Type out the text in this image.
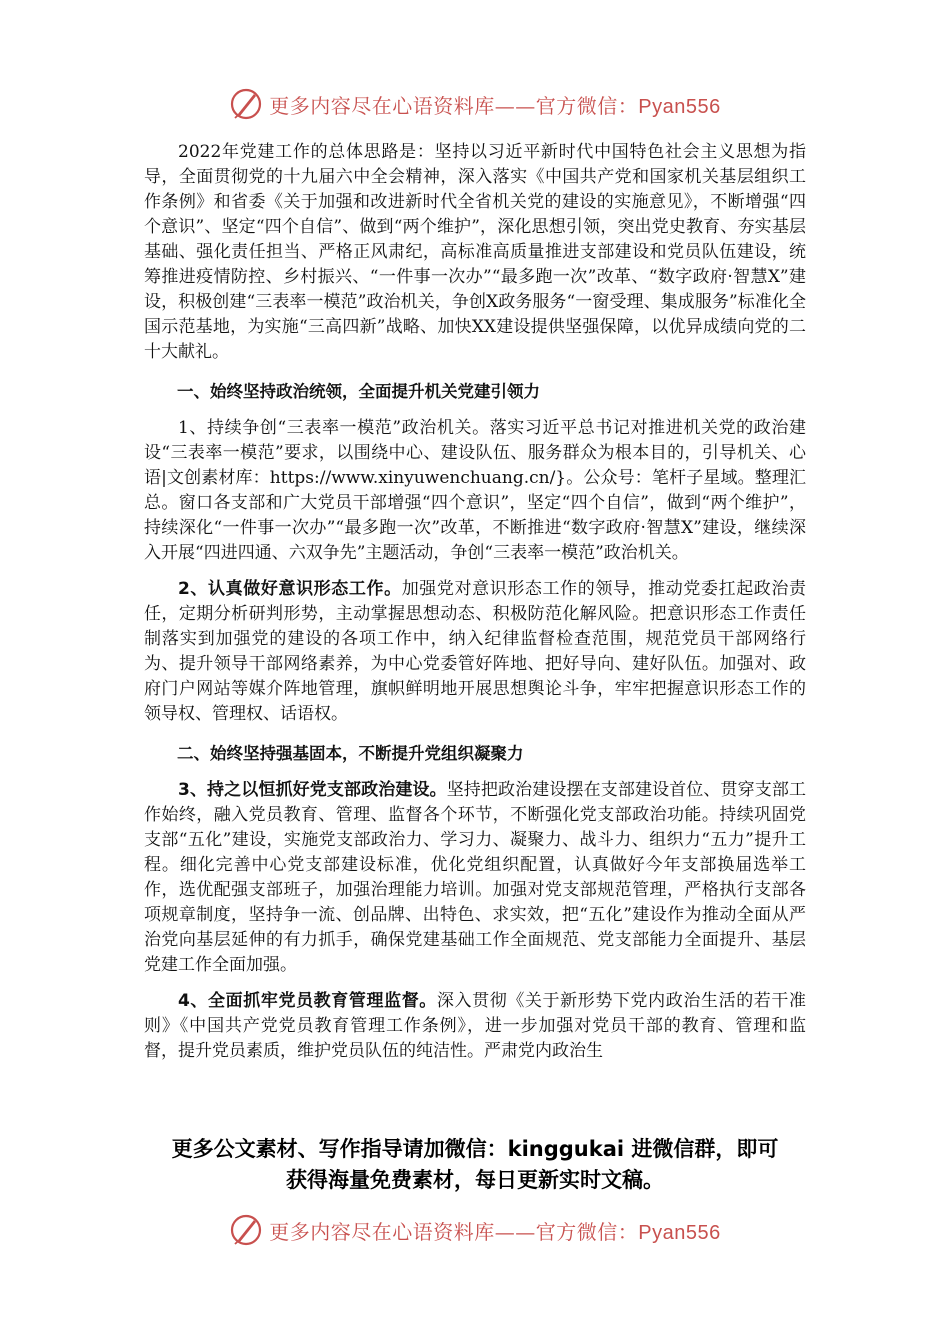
更多内容尽在心语资料库——官方微信：Pyan556

2022年党建工作的总体思路是：坚持以习近平新时代中国特色社会主义思想为指导，全面贯彻党的十九届六中全会精神，深入落实《中国共产党和国家机关基层组织工作条例》和省委《关于加强和改进新时代全省机关党的建设的实施意见》，不断增强“四个意识”、坚定“四个自信”、做到“两个维护”，深化思想引领，突出党史教育、夯实基层基础、强化责任担当、严格正风肃纪，高标准高质量推进支部建设和党员队伍建设，统筹推进疫情防控、乡村振兴、“一件事一次办”“最多跑一次”改革、“数字政府·智慧X”建设，积极创建“三表率一模范”政治机关，争创X政务服务“一窗受理、集成服务”标准化全国示范基地，为实施“三高四新”战略、加快XX建设提供坚强保障，以优异成绩向党的二十大献礼。

一、始终坚持政治统领，全面提升机关党建引领力

1、持续争创“三表率一模范”政治机关。落实习近平总书记对推进机关党的政治建设“三表率一模范”要求，以围绕中心、建设队伍、服务群众为根本目的，引导机关、心语|文创素材库：https://www.xinyuwenchuang.cn/}。公众号：笔杆子星域。整理汇总。窗口各支部和广大党员干部增强“四个意识”，坚定“四个自信”，做到“两个维护”，持续深化“一件事一次办”“最多跑一次”改革，不断推进“数字政府·智慧X”建设，继续深入开展“四进四通、六双争先”主题活动，争创“三表率一模范”政治机关。

2、认真做好意识形态工作。加强党对意识形态工作的领导，推动党委扛起政治责任，定期分析研判形势，主动掌握思想动态、积极防范化解风险。把意识形态工作责任制落实到加强党的建设的各项工作中，纳入纪律监督检查范围，规范党员干部网络行为、提升领导干部网络素养，为中心党委管好阵地、把好导向、建好队伍。加强对、政府门户网站等媒介阵地管理，旗帜鲜明地开展思想舆论斗争，牢牢把握意识形态工作的领导权、管理权、话语权。

二、始终坚持强基固本，不断提升党组织凝聚力

3、持之以恒抓好党支部政治建设。坚持把政治建设摆在支部建设首位、贯穿支部工作始终，融入党员教育、管理、监督各个环节，不断强化党支部政治功能。持续巩固党支部“五化”建设，实施党支部政治力、学习力、凝聚力、战斗力、组织力“五力”提升工程。细化完善中心党支部建设标准，优化党组织配置，认真做好今年支部换届选举工作，选优配强支部班子，加强治理能力培训。加强对党支部规范管理，严格执行支部各项规章制度，坚持争一流、创品牌、出特色、求实效，把“五化”建设作为推动全面从严治党向基层延伸的有力抓手，确保党建基础工作全面规范、党支部能力全面提升、基层党建工作全面加强。

4、全面抓牢党员教育管理监督。深入贯彻《关于新形势下党内政治生活的若干准则》《中国共产党党员教育管理工作条例》，进一步加强对党员干部的教育、管理和监督，提升党员素质，维护党员队伍的纯洁性。严肃党内政治生

更多公文素材、写作指导请加微信：kinggukai 进微信群，即可
获得海量免费素材，每日更新实时文稿。
更多内容尽在心语资料库——官方微信：Pyan556
